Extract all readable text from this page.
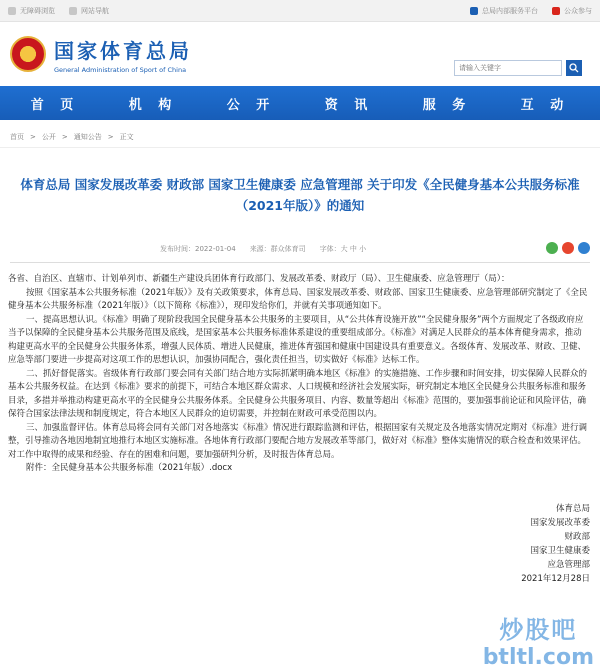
无障碍浏览	网站导航	总局内部服务平台	公众参与
★ 国家体育总局
General Administration of Sport of China
请输入关键字
首 页	机 构	公 开	资 讯	服 务	互 动
首页 > 公开 > 通知公告 > 正文
体育总局 国家发展改革委 财政部 国家卫生健康委 应急管理部 关于印发《全民健身基本公共服务标准（2021年版）》的通知
发布时间：2022-01-04 来源：群众体育司 字体：大 中 小

各省、自治区、直辖市、计划单列市、新疆生产建设兵团体育行政部门、发展改革委、财政厅（局）、卫生健康委、应急管理厅（局）：

按照《国家基本公共服务标准（2021年版）》及有关政策要求，体育总局、国家发展改革委、财政部、国家卫生健康委、应急管理部研究制定了《全民健身基本公共服务标准（2021年版）》（以下简称《标准》），现印发给你们，并就有关事项通知如下。

一、提高思想认识。《标准》明确了现阶段我国全民健身基本公共服务的主要项目，从“公共体育设施开放”“全民健身服务”两个方面规定了各级政府应当予以保障的全民健身基本公共服务范围及底线，是国家基本公共服务标准体系建设的重要组成部分。《标准》对满足人民群众的基本体育健身需求，推动构建更高水平的全民健身公共服务体系，增强人民体质、增进人民健康，推进体育强国和健康中国建设具有重要意义。各级体育、发展改革、财政、卫健、应急等部门要进一步提高对这项工作的思想认识，加强协同配合，强化责任担当，切实做好《标准》达标工作。

二、抓好督促落实。省级体育行政部门要会同有关部门结合地方实际抓紧明确本地区《标准》的实施措施、工作步骤和时间安排，切实保障人民群众的基本公共服务权益。在达到《标准》要求的前提下，可结合本地区群众需求、人口规模和经济社会发展实际，研究制定本地区全民健身公共服务标准和服务目录，多措并举推动构建更高水平的全民健身公共服务体系。全民健身公共服务项目、内容、数量等超出《标准》范围的，要加强事前论证和风险评估，确保符合国家法律法规和制度规定，符合本地区人民群众的迫切需要，并控制在财政可承受范围以内。

三、加强监督评估。体育总局将会同有关部门对各地落实《标准》情况进行跟踪监测和评估，根据国家有关规定及各地落实情况定期对《标准》进行调整，引导推动各地因地制宜地推行本地区实施标准。各地体育行政部门要配合地方发展改革等部门，做好对《标准》整体实施情况的联合检查和效果评估。对工作中取得的成果和经验、存在的困难和问题，要加强研判分析，及时报告体育总局。

附件：全民健身基本公共服务标准（2021年版）.docx

体育总局
国家发展改革委
财政部
国家卫生健康委
应急管理部
2021年12月28日
炒股吧
btltl.com
